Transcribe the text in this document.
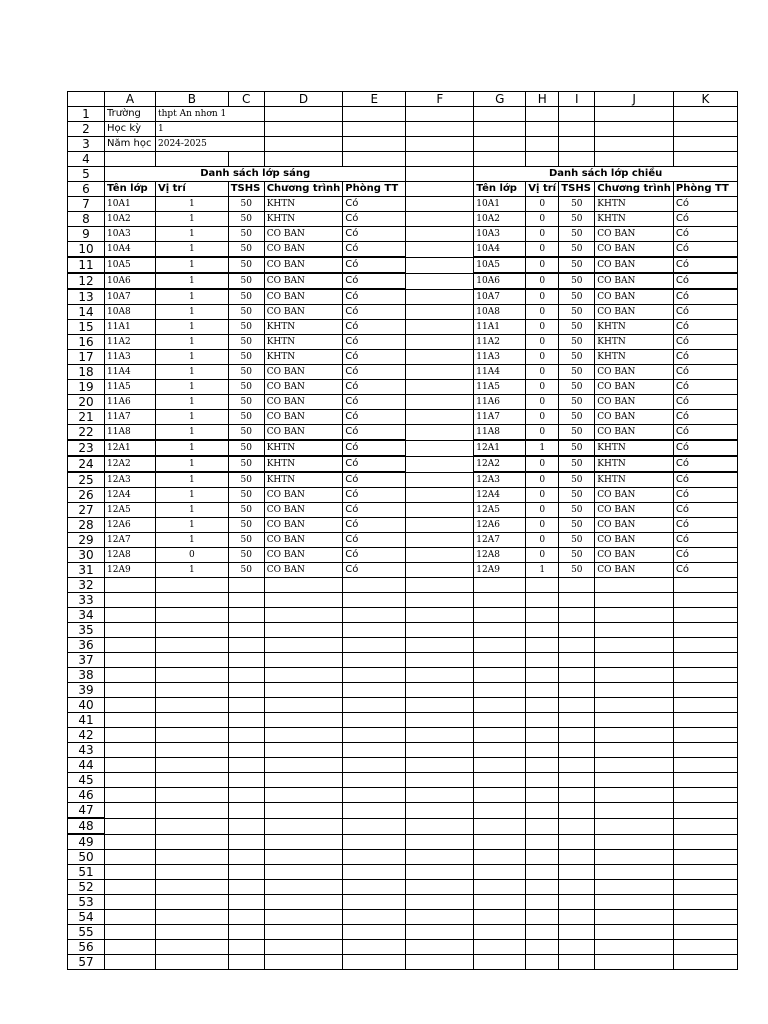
	A	B	C	D	E	F	G	H	I	J	K
1	Trường	thpt An nhơn 1									
2	Học kỳ	1									
3	Năm học	2024-2025									
4											
5	Danh sách lớp sáng						Danh sách lớp chiều				
6	Tên lớp	Vị trí	TSHS	Chương trình	Phòng TT		Tên lớp	Vị trí	TSHS	Chương trình	Phòng TT
7	10A1	1	50	KHTN	Có		10A1	0	50	KHTN	Có
8	10A2	1	50	KHTN	Có		10A2	0	50	KHTN	Có
9	10A3	1	50	CO BAN	Có		10A3	0	50	CO BAN	Có
10	10A4	1	50	CO BAN	Có		10A4	0	50	CO BAN	Có
11	10A5	1	50	CO BAN	Có		10A5	0	50	CO BAN	Có
12	10A6	1	50	CO BAN	Có		10A6	0	50	CO BAN	Có
13	10A7	1	50	CO BAN	Có		10A7	0	50	CO BAN	Có
14	10A8	1	50	CO BAN	Có		10A8	0	50	CO BAN	Có
15	11A1	1	50	KHTN	Có		11A1	0	50	KHTN	Có
16	11A2	1	50	KHTN	Có		11A2	0	50	KHTN	Có
17	11A3	1	50	KHTN	Có		11A3	0	50	KHTN	Có
18	11A4	1	50	CO BAN	Có		11A4	0	50	CO BAN	Có
19	11A5	1	50	CO BAN	Có		11A5	0	50	CO BAN	Có
20	11A6	1	50	CO BAN	Có		11A6	0	50	CO BAN	Có
21	11A7	1	50	CO BAN	Có		11A7	0	50	CO BAN	Có
22	11A8	1	50	CO BAN	Có		11A8	0	50	CO BAN	Có
23	12A1	1	50	KHTN	Có		12A1	1	50	KHTN	Có
24	12A2	1	50	KHTN	Có		12A2	0	50	KHTN	Có
25	12A3	1	50	KHTN	Có		12A3	0	50	KHTN	Có
26	12A4	1	50	CO BAN	Có		12A4	0	50	CO BAN	Có
27	12A5	1	50	CO BAN	Có		12A5	0	50	CO BAN	Có
28	12A6	1	50	CO BAN	Có		12A6	0	50	CO BAN	Có
29	12A7	1	50	CO BAN	Có		12A7	0	50	CO BAN	Có
30	12A8	0	50	CO BAN	Có		12A8	0	50	CO BAN	Có
31	12A9	1	50	CO BAN	Có		12A9	1	50	CO BAN	Có
32											
33											
34											
35											
36											
37											
38											
39											
40											
41											
42											
43											
44											
45											
46											
47											
48											
49											
50											
51											
52											
53											
54											
55											
56											
57											
